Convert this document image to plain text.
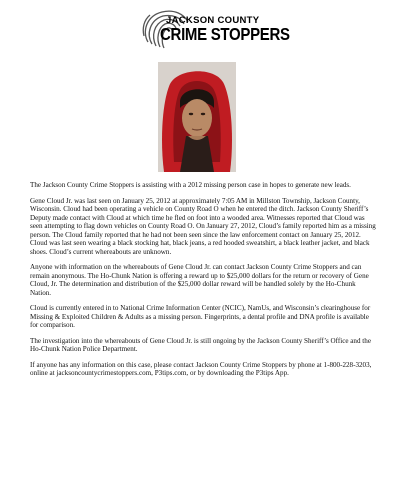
JACKSON COUNTY
CRIME STOPPERS

The Jackson County Crime Stoppers is assisting with a 2012 missing person case in hopes to generate new leads.

Gene Cloud Jr. was last seen on January 25, 2012 at approximately 7:05 AM in Millston Township, Jackson County, Wisconsin. Cloud had been operating a vehicle on County Road O when he entered the ditch. Jackson County Sheriff’s Deputy made contact with Cloud at which time he fled on foot into a wooded area. Witnesses reported that Cloud was seen attempting to flag down vehicles on County Road O. On January 27, 2012, Cloud’s family reported him as a missing person. The Cloud family reported that he had not been seen since the law enforcement contact on January 25, 2012. Cloud was last seen wearing a black stocking hat, black jeans, a red hooded sweatshirt, a black leather jacket, and black shoes. Cloud’s current whereabouts are unknown.

Anyone with information on the whereabouts of Gene Cloud Jr. can contact Jackson County Crime Stoppers and can remain anonymous. The Ho-Chunk Nation is offering a reward up to $25,000 dollars for the return or recovery of Gene Cloud, Jr. The determination and distribution of the $25,000 dollar reward will be handled solely by the Ho-Chunk Nation.

Cloud is currently entered in to National Crime Information Center (NCIC), NamUs, and Wisconsin’s clearinghouse for Missing & Exploited Children & Adults as a missing person. Fingerprints, a dental profile and DNA profile is available for comparison.

The investigation into the whereabouts of Gene Cloud Jr. is still ongoing by the Jackson County Sheriff’s Office and the Ho-Chunk Nation Police Department.

If anyone has any information on this case, please contact Jackson County Crime Stoppers by phone at 1-800-228-3203, online at jacksoncountycrimestoppers.com, P3tips.com, or by downloading the P3tips App.
